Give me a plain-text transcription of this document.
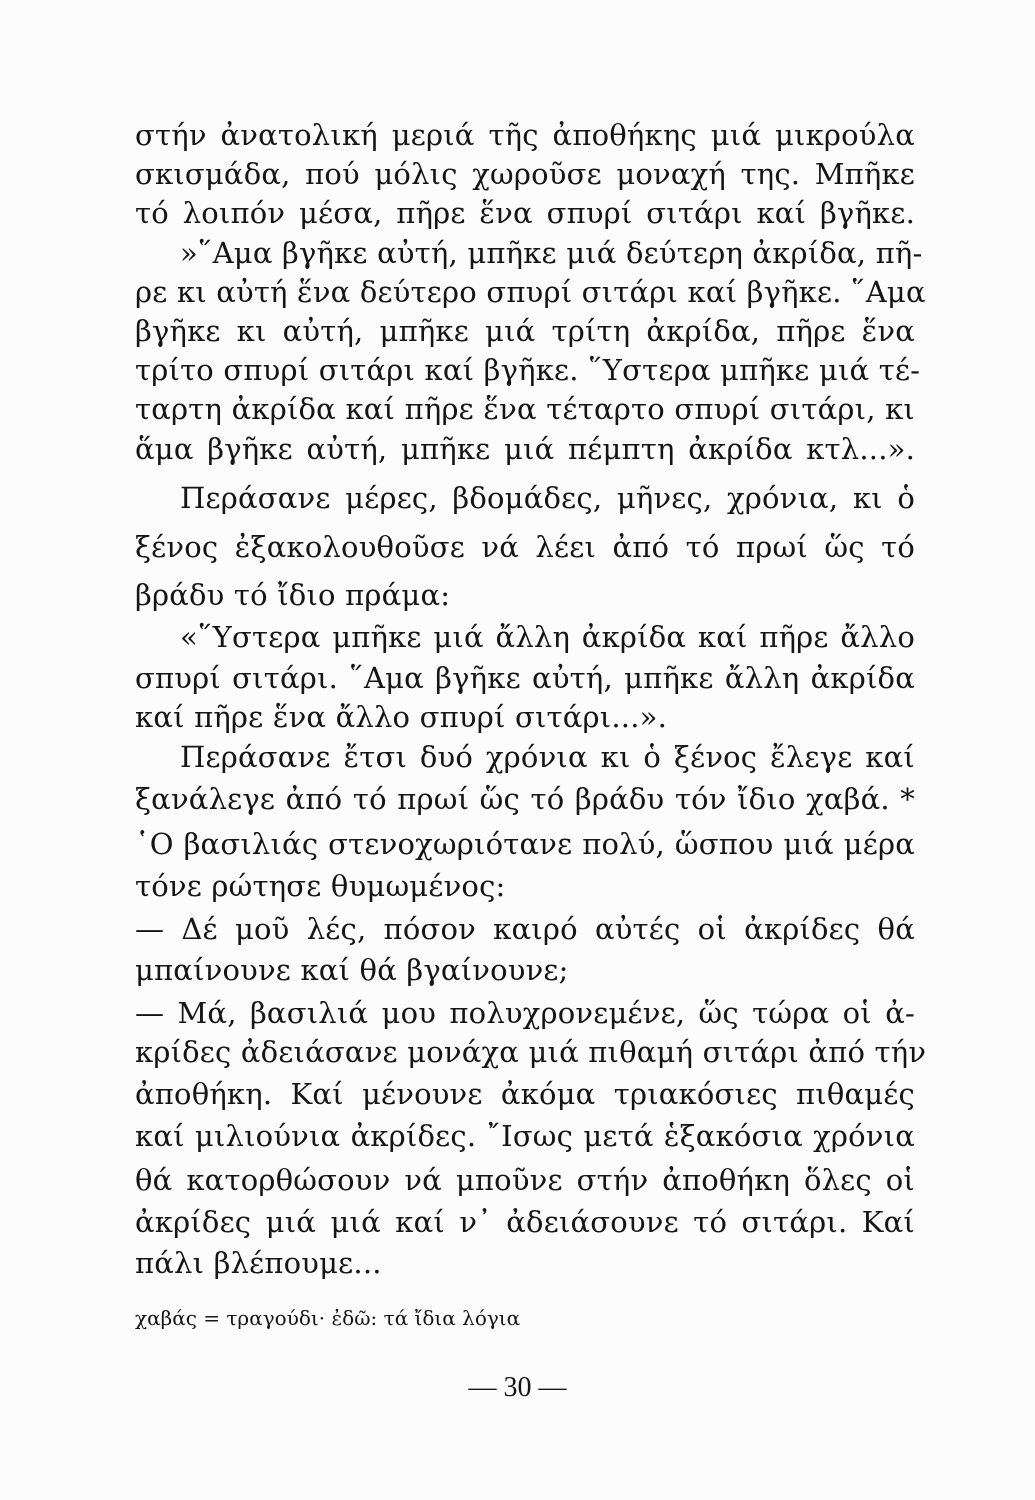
στήν ἀνατολική μεριά τῆς ἀποθήκης μιά μικρούλα
σκισμάδα, πού μόλις χωροῦσε μοναχή της. Μπῆκε
τό λοιπόν μέσα, πῆρε ἕνα σπυρί σιτάρι καί βγῆκε.
»῞Αμα βγῆκε αὐτή, μπῆκε μιά δεύτερη ἀκρίδα, πῆ-
ρε κι αὐτή ἕνα δεύτερο σπυρί σιτάρι καί βγῆκε. ῞Αμα
βγῆκε κι αὐτή, μπῆκε μιά τρίτη ἀκρίδα, πῆρε ἕνα
τρίτο σπυρί σιτάρι καί βγῆκε. ῞Υστερα μπῆκε μιά τέ-
ταρτη ἀκρίδα καί πῆρε ἕνα τέταρτο σπυρί σιτάρι, κι
ἅμα βγῆκε αὐτή, μπῆκε μιά πέμπτη ἀκρίδα κτλ...».
Περάσανε μέρες, βδομάδες, μῆνες, χρόνια, κι ὁ
ξένος ἐξακολουθοῦσε νά λέει ἀπό τό πρωί ὥς τό
βράδυ τό ἴδιο πράμα:
«῞Υστερα μπῆκε μιά ἄλλη ἀκρίδα καί πῆρε ἄλλο
σπυρί σιτάρι. ῞Αμα βγῆκε αὐτή, μπῆκε ἄλλη ἀκρίδα
καί πῆρε ἕνα ἄλλο σπυρί σιτάρι...».
Περάσανε ἔτσι δυό χρόνια κι ὁ ξένος ἔλεγε καί
ξανάλεγε ἀπό τό πρωί ὥς τό βράδυ τόν ἴδιο χαβά. *
῾Ο βασιλιάς στενοχωριότανε πολύ, ὥσπου μιά μέρα
τόνε ρώτησε θυμωμένος:
— Δέ μοῦ λές, πόσον καιρό αὐτές οἱ ἀκρίδες θά
μπαίνουνε καί θά βγαίνουνε;
— Μά, βασιλιά μου πολυχρονεμένε, ὥς τώρα οἱ ἀ-
κρίδες ἀδειάσανε μονάχα μιά πιθαμή σιτάρι ἀπό τήν
ἀποθήκη. Καί μένουνε ἀκόμα τριακόσιες πιθαμές
καί μιλιούνια ἀκρίδες. ῎Ισως μετά ἑξακόσια χρόνια
θά κατορθώσουν νά μποῦνε στήν ἀποθήκη ὅλες οἱ
ἀκρίδες μιά μιά καί ν᾿ ἀδειάσουνε τό σιτάρι. Καί
πάλι βλέπουμε...
χαβάς = τραγούδι· ἐδῶ: τά ἴδια λόγια
— 30 —
